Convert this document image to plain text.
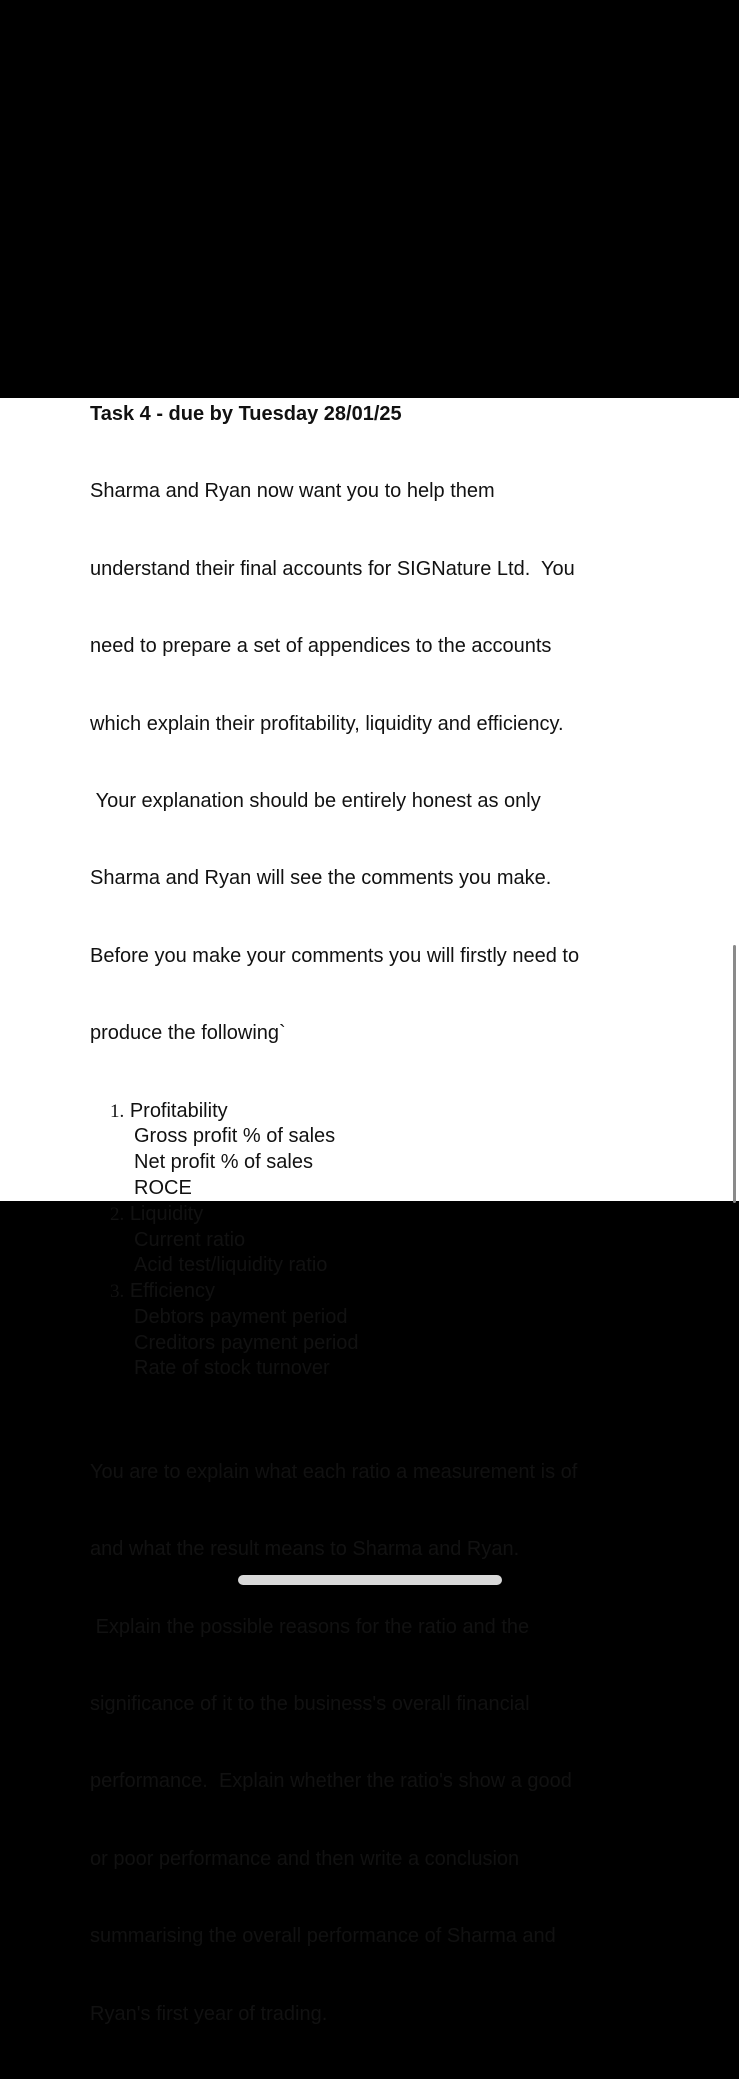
Task 4 - due by Tuesday 28/01/25

Sharma and Ryan now want you to help them

understand their final accounts for SIGNature Ltd.  You

need to prepare a set of appendices to the accounts

which explain their profitability, liquidity and efficiency.

Your explanation should be entirely honest as only

Sharma and Ryan will see the comments you make.

Before you make your comments you will firstly need to

produce the following`

1. Profitability
Gross profit % of sales
Net profit % of sales
ROCE
2. Liquidity
Current ratio
Acid test/liquidity ratio
3. Efficiency
Debtors payment period
Creditors payment period
Rate of stock turnover

You are to explain what each ratio a measurement is of

and what the result means to Sharma and Ryan.

Explain the possible reasons for the ratio and the

significance of it to the business's overall financial

performance.  Explain whether the ratio's show a good

or poor performance and then write a conclusion

summarising the overall performance of Sharma and

Ryan's first year of trading.
